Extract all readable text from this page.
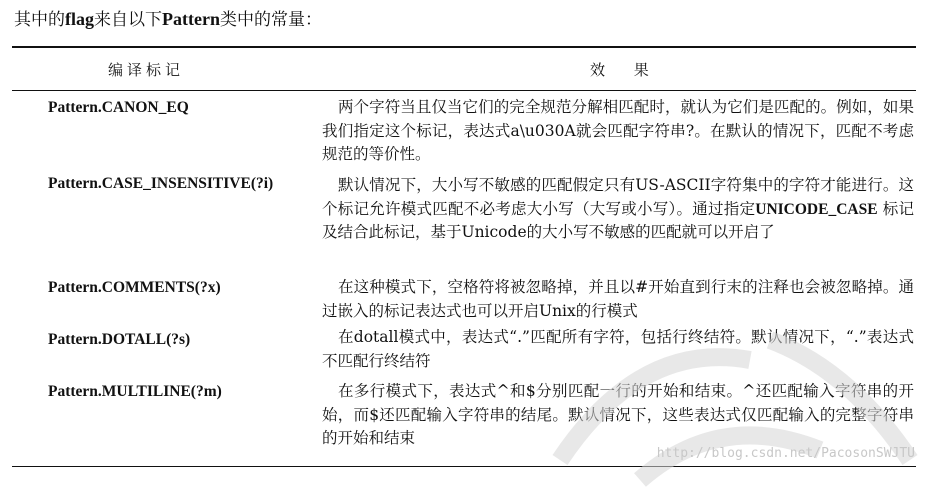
其中的flag来自以下Pattern类中的常量：
编译标记	效 果
Pattern.CANON_EQ	两个字符当且仅当它们的完全规范分解相匹配时，就认为它们是匹配的。例如，如果我们指定这个标记，表达式a\u030A就会匹配字符串?。在默认的情况下，匹配不考虑规范的等价性。
Pattern.CASE_INSENSITIVE(?i)	默认情况下，大小写不敏感的匹配假定只有US-ASCII字符集中的字符才能进行。这个标记允许模式匹配不必考虑大小写（大写或小写）。通过指定UNICODE_CASE 标记及结合此标记，基于Unicode的大小写不敏感的匹配就可以开启了
Pattern.COMMENTS(?x)	在这种模式下，空格符将被忽略掉，并且以#开始直到行末的注释也会被忽略掉。通过嵌入的标记表达式也可以开启Unix的行模式
Pattern.DOTALL(?s)	在dotall模式中，表达式“.”匹配所有字符，包括行终结符。默认情况下，“.”表达式不匹配行终结符
Pattern.MULTILINE(?m)	在多行模式下，表达式^和$分别匹配一行的开始和结束。^还匹配输入字符串的开始，而$还匹配输入字符串的结尾。默认情况下，这些表达式仅匹配输入的完整字符串的开始和结束
http://blog.csdn.net/PacosonSWJTU
